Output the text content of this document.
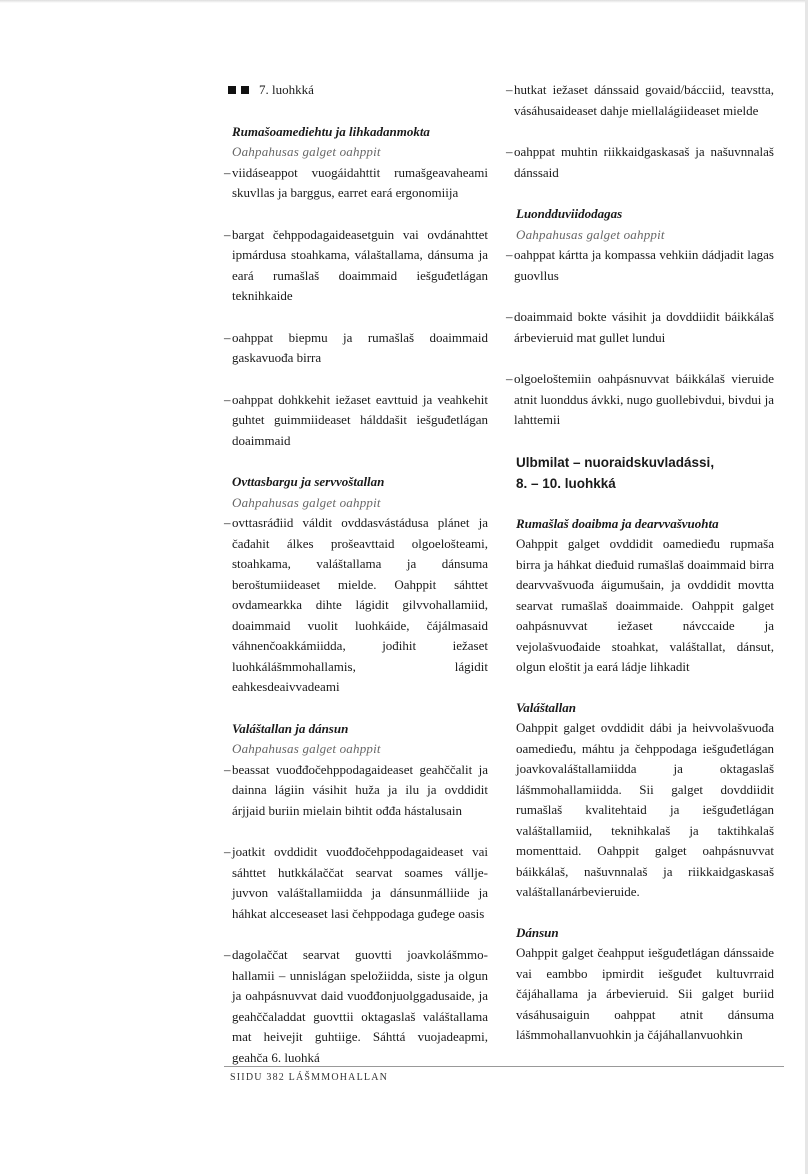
7. luohkká
Rumašoamediehtu ja lihkadanmokta
Oahpahusas galget oahppit
– viidáseappot vuogáidahttit rumašgeavaheami skuvllas ja barggus, earret eará ergonomiija
– bargat čehppodagaideasetguin vai ovdánahttet ipmárdusa stoahkama, válaštallama, dánsuma ja eará rumašlaš doaimmaid iešguđetlágan teknihkaide
– oahppat biepmu ja rumašlaš doaimmaid gaskavuođa birra
– oahppat dohkkehit iežaset eavttuid ja veahkehit guhtet guimmiideaset hálddašit iešguđetlágan doaimmaid
Ovttasbargu ja servvoštallan
Oahpahusas galget oahppit
– ovttasráđiid váldit ovddasvástádusa plánet ja čađahit álkes prošeavttaid olgoeloštеami, stoahkama, valáštallama ja dánsuma beroštumiideaset mielde. Oahppit sáhttet ovdamearkka dihte lágidit gilvvohallamiid, doaimmaid vuolit luohkáide, čájálmasaid váhnenčoakkámiidda, jođihit iežaset luohkálášmmohallamis, lágidit eahkesdeaivvadeami
Valáštallan ja dánsun
Oahpahusas galget oahppit
– beassat vuođđočehppodagaideaset geahččalit ja dainna lágiin vásihit huža ja ilu ja ovddidit árjjaid buriin mielain bihtit ođđa hástalusain
– joatkit ovddidit vuođđočehppodagaideaset vai sáhttet hutkkálaččat searvat soames vállje-juvvon valáštallamiidda ja dánsunmálliide ja háhkat alcceseaset lasi čehppodaga guđege oasis
– dagolaččat searvat guovtti joavkolášmmo-hallamii – unnislágan speložiidda, siste ja olgun ja oahpásnuvvat daid vuođđonjuolggadusaide, ja geahččaladdat guovttii oktagaslaš valáštallama mat heivejit guhtiige. Sáhttá vuojadeapmi, geahča 6. luohká
– hutkat iežaset dánssaid govaid/bácciid, teavstta, vásáhusaideaset dahje miellalágiideaset mielde
– oahppat muhtin riikkaidgaskasaš ja našuvnnalaš dánssaid
Luondduviidodagas
Oahpahusas galget oahppit
– oahppat kártta ja kompassa vehkiin dádjadit lagas guovllus
– doaimmaid bokte vásihit ja dovddiidit báikkálaš árbevieruid mat gullet lundui
– olgoeloštemiin oahpásnuvvat báikkálaš vieruide atnit luonddus ávkki, nugo guollebivdui, bivdui ja lahttemii
Ulbmilat – nuoraidskuvladássi,
8. – 10. luohkká
Rumašlaš doaibma ja dearvvašvuohta
Oahppit galget ovddidit oamedieđu rupmaša birra ja háhkat dieđuid rumašlaš doaimmaid birra dearvvašvuođa áigumušain, ja ovddidit movtta searvat rumašlaš doaimmaide. Oahppit galget oahpásnuvvat iežaset návccaide ja vejolašvuođaide stoahkat, valáštallat, dánsut, olgun eloštit ja eará ládje lihkadit
Valáštallan
Oahppit galget ovddidit dábi ja heivvolašvuođa oamedieđu, máhtu ja čehppodaga iešguđetlágan joavkovaláštallamiidda ja oktagaslaš lášmmohallamiidda. Sii galget dovddiidit rumašlaš kvalitehtaid ja iešguđetlágan valáštallamiid, teknihkalaš ja taktihkalaš momenttaid. Oahppit galget oahpásnuvvat báikkálaš, našuvnnalaš ja riikkaidgaskasaš valáštallanárbevieruide.
Dánsun
Oahppit galget čeahpput iešguđetlágan dánssaide vai eambbo ipmirdit iešguđet kultuvrraid čájáhallama ja árbevieruid. Sii galget buriid vásáhusaiguin oahppat atnit dánsuma lášmmohallanvuohkin ja čájáhallanvuohkin
SIIDU 382 LÁŠMMOHALLAN
